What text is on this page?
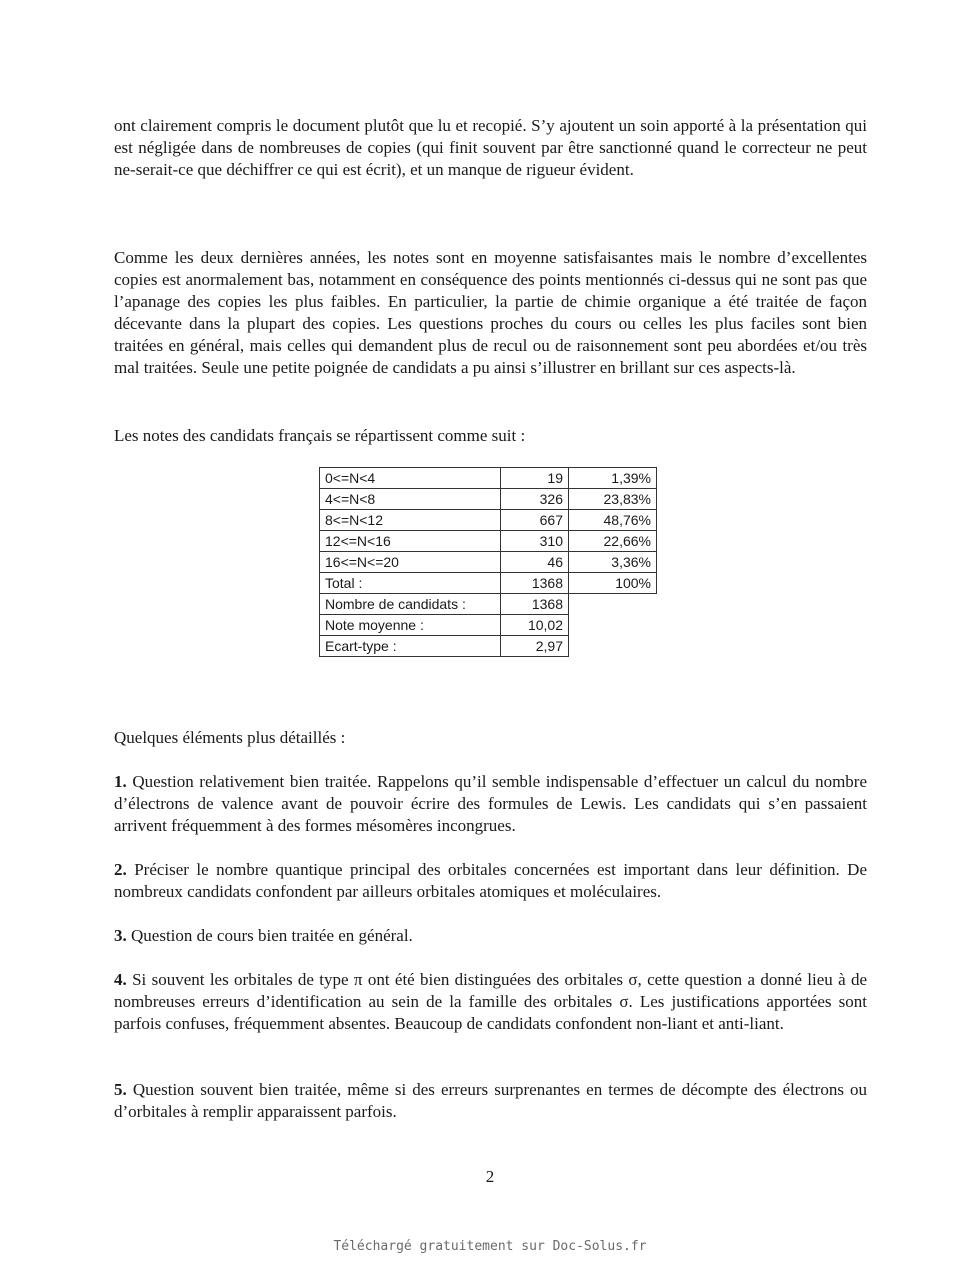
ont clairement compris le document plutôt que lu et recopié. S’y ajoutent un soin apporté à la présentation qui est négligée dans de nombreuses de copies (qui finit souvent par être sanctionné quand le correcteur ne peut ne-serait-ce que déchiffrer ce qui est écrit), et un manque de rigueur évident.

Comme les deux dernières années, les notes sont en moyenne satisfaisantes mais le nombre d’excellentes copies est anormalement bas, notamment en conséquence des points mentionnés ci-dessus qui ne sont pas que l’apanage des copies les plus faibles. En particulier, la partie de chimie organique a été traitée de façon décevante dans la plupart des copies. Les questions proches du cours ou celles les plus faciles sont bien traitées en général, mais celles qui demandent plus de recul ou de raisonnement sont peu abordées et/ou très mal traitées. Seule une petite poignée de candidats a pu ainsi s’illustrer en brillant sur ces aspects-là.

Les notes des candidats français se répartissent comme suit :

0<=N<4	19	1,39%
4<=N<8	326	23,83%
8<=N<12	667	48,76%
12<=N<16	310	22,66%
16<=N<=20	46	3,36%
Total :	1368	100%
Nombre de candidats :	1368	
Note moyenne :	10,02	
Ecart-type :	2,97	

Quelques éléments plus détaillés :

1. Question relativement bien traitée. Rappelons qu’il semble indispensable d’effectuer un calcul du nombre d’électrons de valence avant de pouvoir écrire des formules de Lewis. Les candidats qui s’en passaient arrivent fréquemment à des formes mésomères incongrues.

2. Préciser le nombre quantique principal des orbitales concernées est important dans leur définition. De nombreux candidats confondent par ailleurs orbitales atomiques et moléculaires.

3. Question de cours bien traitée en général.

4. Si souvent les orbitales de type π ont été bien distinguées des orbitales σ, cette question a donné lieu à de nombreuses erreurs d’identification au sein de la famille des orbitales σ. Les justifications apportées sont parfois confuses, fréquemment absentes. Beaucoup de candidats confondent non-liant et anti-liant.

5. Question souvent bien traitée, même si des erreurs surprenantes en termes de décompte des électrons ou d’orbitales à remplir apparaissent parfois.

2
Téléchargé gratuitement sur Doc-Solus.fr
